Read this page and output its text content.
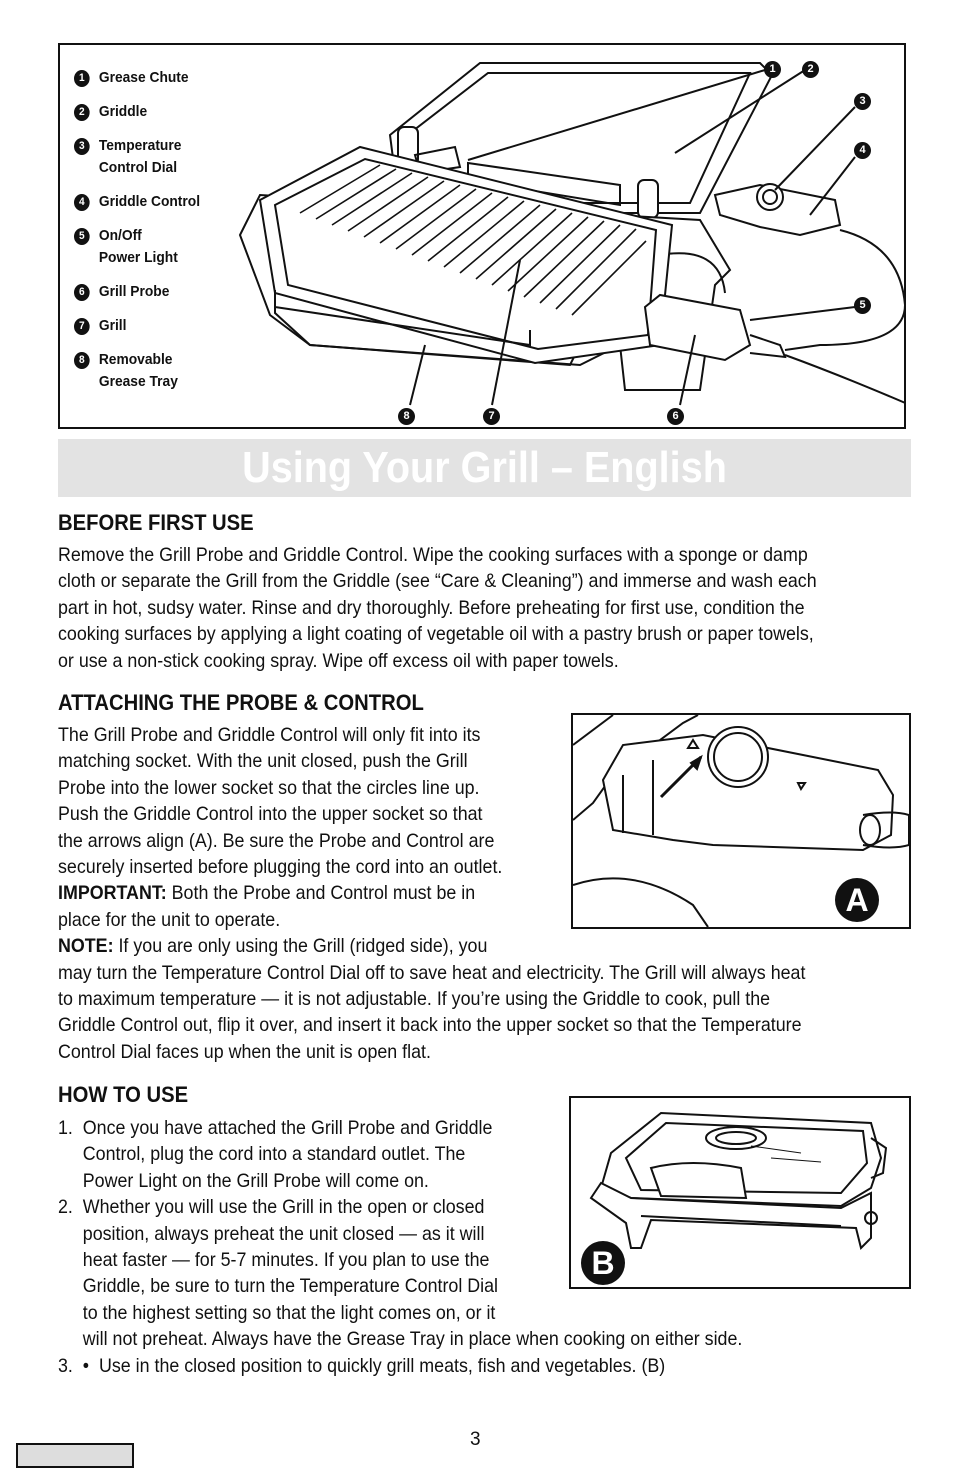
1 Grease Chute
2 Griddle
3 Temperature
Control Dial
4 Griddle Control
5 On/Off
Power Light
6 Grill Probe
7 Grill
8 Removable
Grease Tray
1	2
3
4
5
8	7	6
Using Your Grill – English
BEFORE FIRST USE
Remove the Grill Probe and Griddle Control. Wipe the cooking surfaces with a sponge or damp
cloth or separate the Grill from the Griddle (see “Care & Cleaning”) and immerse and wash each
part in hot, sudsy water. Rinse and dry thoroughly. Before preheating for first use, condition the
cooking surfaces by applying a light coating of vegetable oil with a pastry brush or paper towels,
or use a non-stick cooking spray. Wipe off excess oil with paper towels.
ATTACHING THE PROBE & CONTROL
The Grill Probe and Griddle Control will only fit into its
matching socket. With the unit closed, push the Grill
Probe into the lower socket so that the circles line up.
Push the Griddle Control into the upper socket so that
the arrows align (A). Be sure the Probe and Control are
securely inserted before plugging the cord into an outlet.
IMPORTANT: Both the Probe and Control must be in
place for the unit to operate.
NOTE: If you are only using the Grill (ridged side), you
may turn the Temperature Control Dial off to save heat and electricity. The Grill will always heat
to maximum temperature — it is not adjustable. If you’re using the Griddle to cook, pull the
Griddle Control out, flip it over, and insert it back into the upper socket so that the Temperature
Control Dial faces up when the unit is open flat.
A
HOW TO USE
1.  Once you have attached the Grill Probe and Griddle
Control, plug the cord into a standard outlet. The
Power Light on the Grill Probe will come on.
2.  Whether you will use the Grill in the open or closed
position, always preheat the unit closed — as it will
heat faster — for 5-7 minutes. If you plan to use the
Griddle, be sure to turn the Temperature Control Dial
to the highest setting so that the light comes on, or it
will not preheat. Always have the Grease Tray in place when cooking on either side.
3.  •  Use in the closed position to quickly grill meats, fish and vegetables. (B)
B
3
